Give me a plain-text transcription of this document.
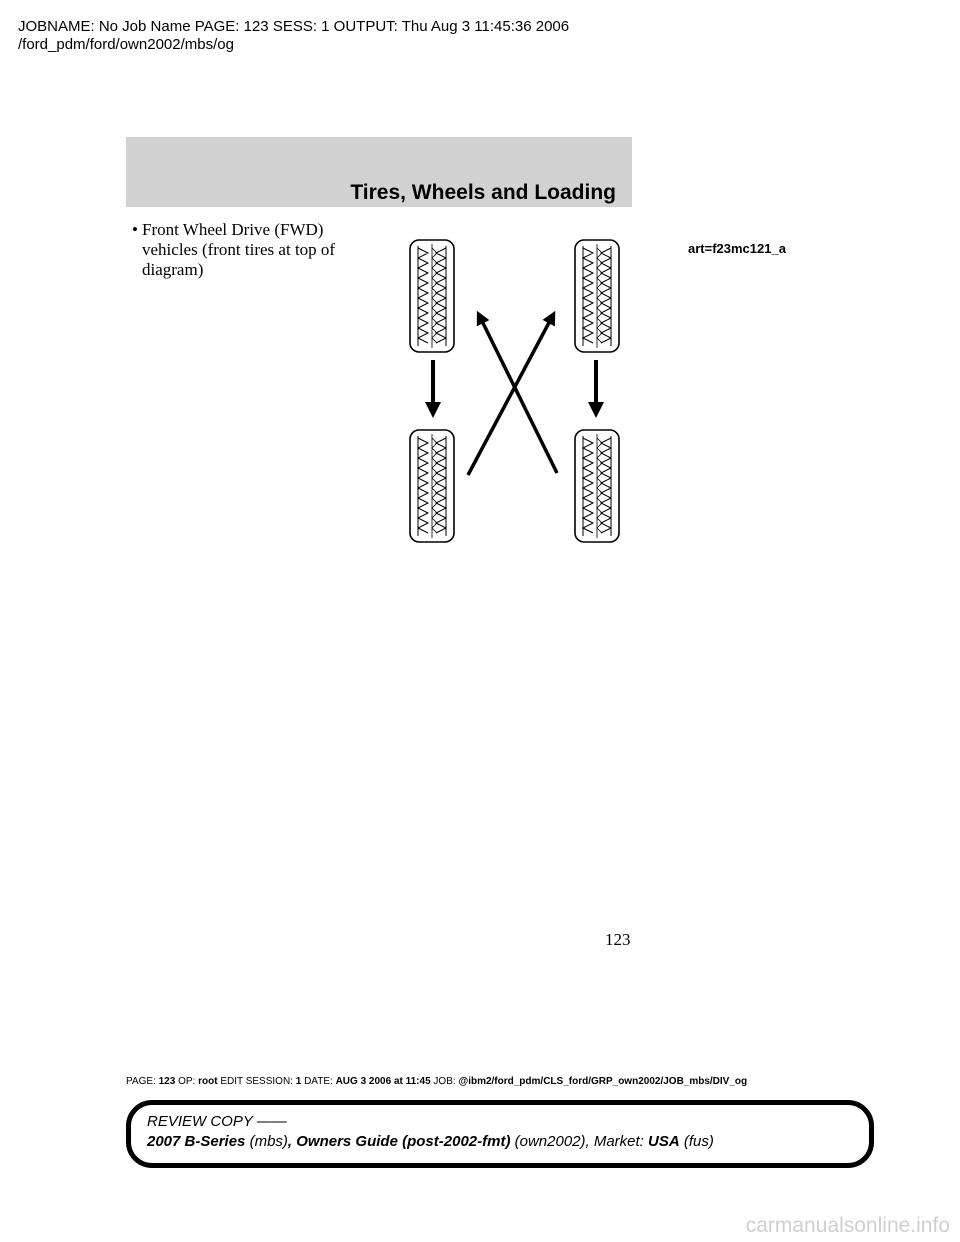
JOBNAME: No Job Name PAGE: 123 SESS: 1 OUTPUT: Thu Aug 3 11:45:36 2006
/ford_pdm/ford/own2002/mbs/og
Tires, Wheels and Loading
• Front Wheel Drive (FWD)
vehicles (front tires at top of
diagram)
art=f23mc121_a
123
PAGE: 123 OP: root EDIT SESSION: 1 DATE: AUG 3 2006 at 11:45 JOB: @ibm2/ford_pdm/CLS_ford/GRP_own2002/JOB_mbs/DIV_og
REVIEW COPY ——
2007 B-Series (mbs), Owners Guide (post-2002-fmt) (own2002), Market: USA (fus)
carmanualsonline.info
